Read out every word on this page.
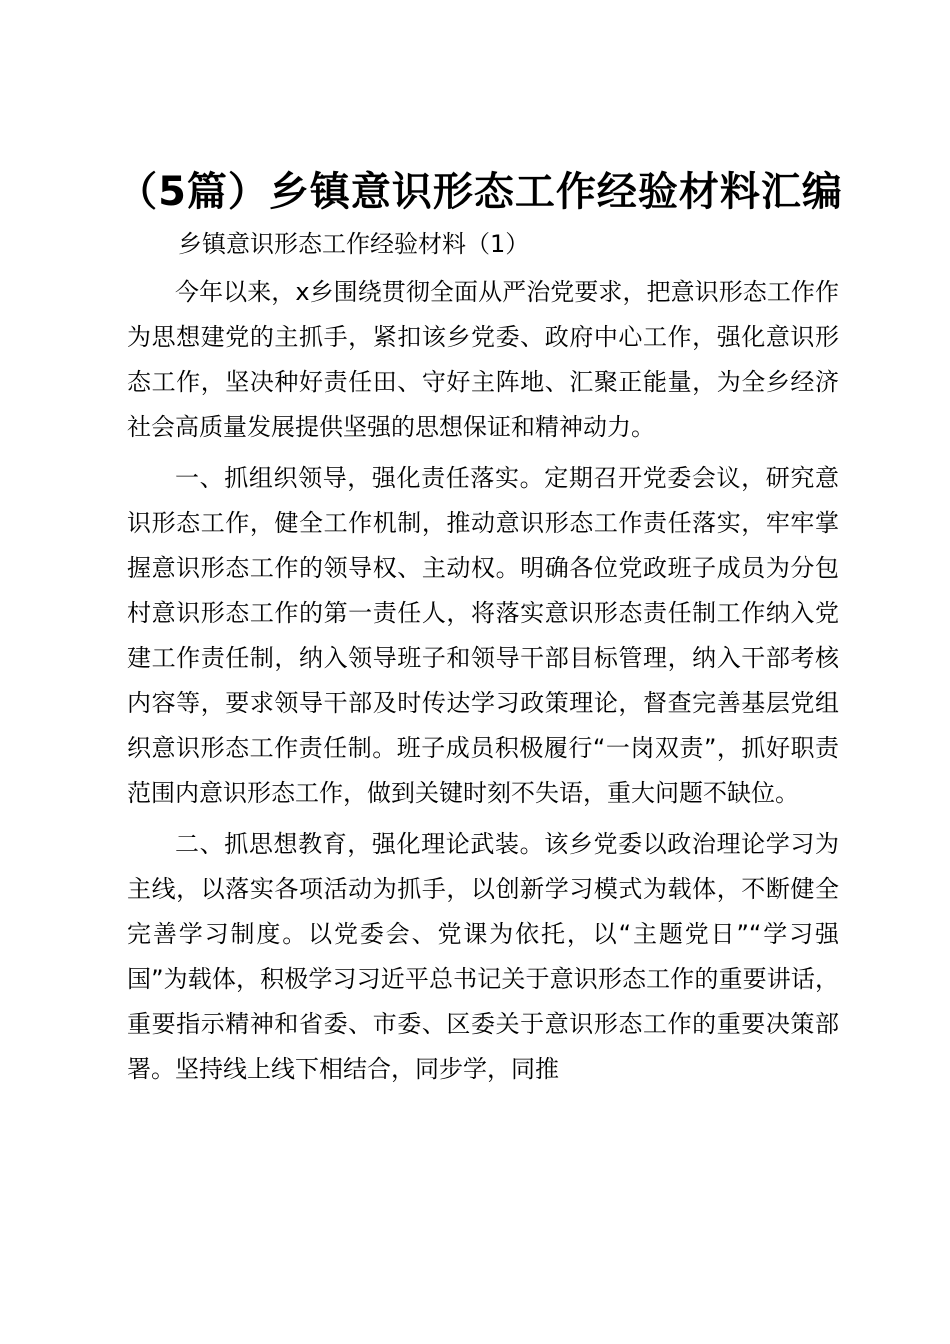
（5篇）乡镇意识形态工作经验材料汇编
乡镇意识形态工作经验材料（1）

今年以来，x乡围绕贯彻全面从严治党要求，把意识形态工作作为思想建党的主抓手，紧扣该乡党委、政府中心工作，强化意识形态工作，坚决种好责任田、守好主阵地、汇聚正能量，为全乡经济社会高质量发展提供坚强的思想保证和精神动力。

一、抓组织领导，强化责任落实。定期召开党委会议，研究意识形态工作，健全工作机制，推动意识形态工作责任落实，牢牢掌握意识形态工作的领导权、主动权。明确各位党政班子成员为分包村意识形态工作的第一责任人，将落实意识形态责任制工作纳入党建工作责任制，纳入领导班子和领导干部目标管理，纳入干部考核内容等，要求领导干部及时传达学习政策理论，督查完善基层党组织意识形态工作责任制。班子成员积极履行“一岗双责”，抓好职责范围内意识形态工作，做到关键时刻不失语，重大问题不缺位。

二、抓思想教育，强化理论武装。该乡党委以政治理论学习为主线，以落实各项活动为抓手，以创新学习模式为载体，不断健全完善学习制度。以党委会、党课为依托，以“主题党日”“学习强国”为载体，积极学习习近平总书记关于意识形态工作的重要讲话，重要指示精神和省委、市委、区委关于意识形态工作的重要决策部署。坚持线上线下相结合，同步学，同推
